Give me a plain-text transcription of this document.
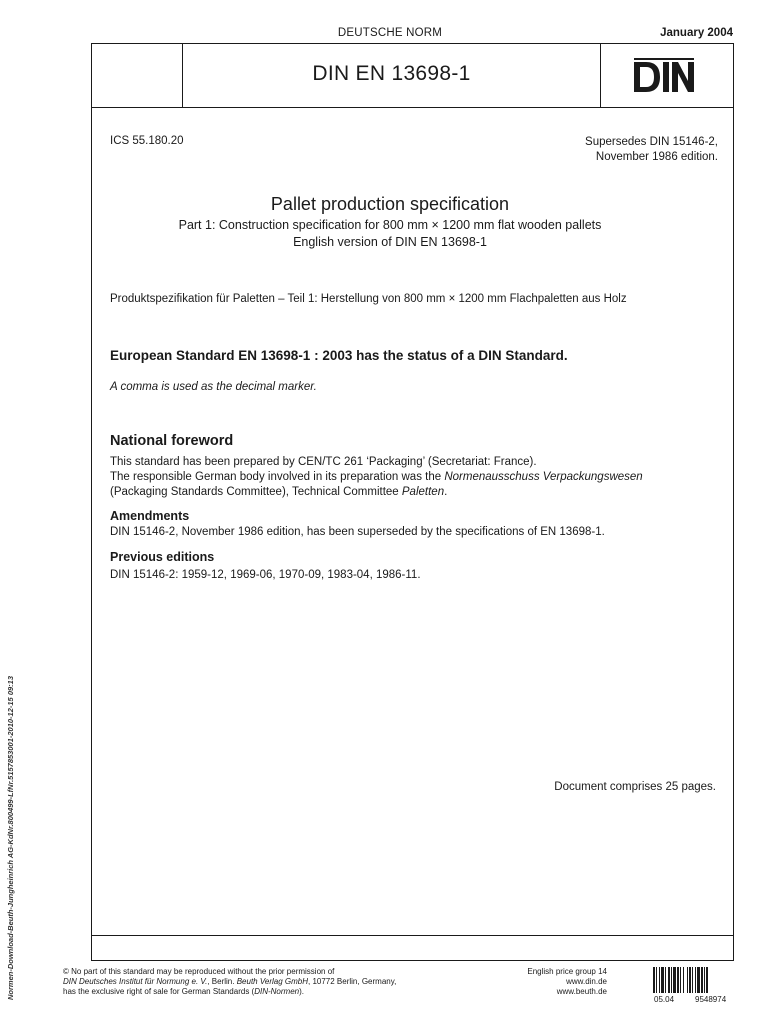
DEUTSCHE NORM	January 2004
DIN EN 13698-1
ICS 55.180.20	Supersedes DIN 15146-2,
November 1986 edition.
Pallet production specification
Part 1: Construction specification for 800 mm × 1200 mm flat wooden pallets
English version of DIN EN 13698-1
Produktspezifikation für Paletten – Teil 1: Herstellung von 800 mm × 1200 mm Flachpaletten aus Holz
European Standard EN 13698-1 : 2003 has the status of a DIN Standard.
A comma is used as the decimal marker.
National foreword
This standard has been prepared by CEN/TC 261 ‘Packaging’ (Secretariat: France).
The responsible German body involved in its preparation was the Normenausschuss Verpackungswesen
(Packaging Standards Committee), Technical Committee Paletten.
Amendments
DIN 15146-2, November 1986 edition, has been superseded by the specifications of EN 13698-1.
Previous editions
DIN 15146-2: 1959-12, 1969-06, 1970-09, 1983-04, 1986-11.
Document comprises 25 pages.
Normen-Download-Beuth-Jungheinrich AG-KdNr.800499-LfNr.5157853001-2010-12-15 09:13	© No part of this standard may be reproduced without the prior permission of
DIN Deutsches Institut für Normung e. V., Berlin. Beuth Verlag GmbH, 10772 Berlin, Germany,
has the exclusive right of sale for German Standards (DIN-Normen).
English price group 14
www.din.de
www.beuth.de
05.04	9548974
